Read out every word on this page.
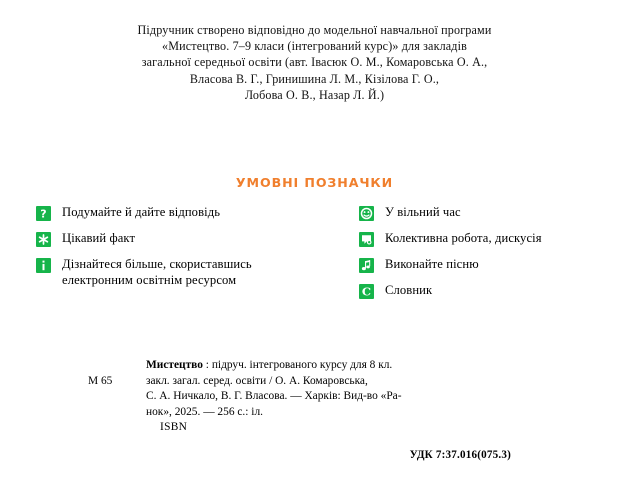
Підручник створено відповідно до модельної навчальної програми
«Мистецтво. 7–9 класи (інтегрований курс)» для закладів
загальної середньої освіти (авт. Івасюк О. М., Комаровська О. А.,
Власова В. Г., Гринишина Л. М., Кізілова Г. О.,
Лобова О. В., Назар Л. Й.)
УМОВНІ ПОЗНАЧКИ
? Подумайте й дайте відповідь
Цікавий факт
Дізнайтеся більше, скориставшись
електронним освітнім ресурсом
У вільний час
Колективна робота, дискусія
Виконайте пісню
C Словник
М 65
Мистецтво : підруч. інтегрованого курсу для 8 кл.
закл. загал. серед. освіти / О. А. Комаровська,
С. А. Ничкало, В. Г. Власова. — Харків: Вид-во «Ра-
нок», 2025. — 256 с.: іл.
ISBN
УДК 7:37.016(075.3)
